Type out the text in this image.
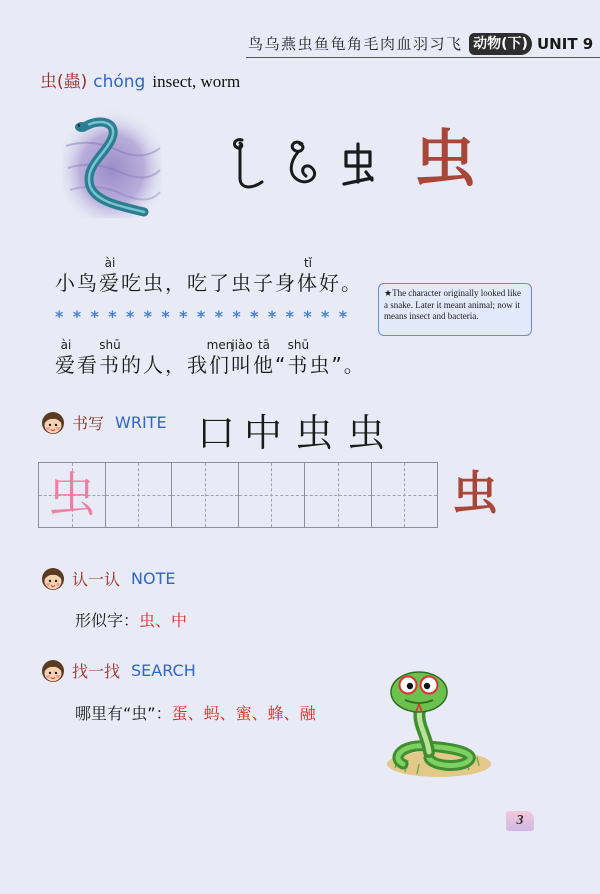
鸟乌燕虫鱼龟角毛肉血羽习飞 动物(下) UNIT 9
虫 (蟲) chóng insect, worm
虫
小鸟
ài
爱 吃虫，吃了虫子身
tǐ
体 好。	★The character originally looked like a snake. Later it meant animal; now it means insect and bacteria.
* * * * * * * * * * * * * * * * *
ài
爱 看
shū
书 的人，我
men
们
jiào
叫
tā
他 “
shū
书 虫”。
书写 WRITE 口 中 虫 虫
虫	虫
认一认 NOTE
形似字： 虫、中
找一找 SEARCH
哪里有“虫”： 蛋、蚂、蜜、蜂、融
3
